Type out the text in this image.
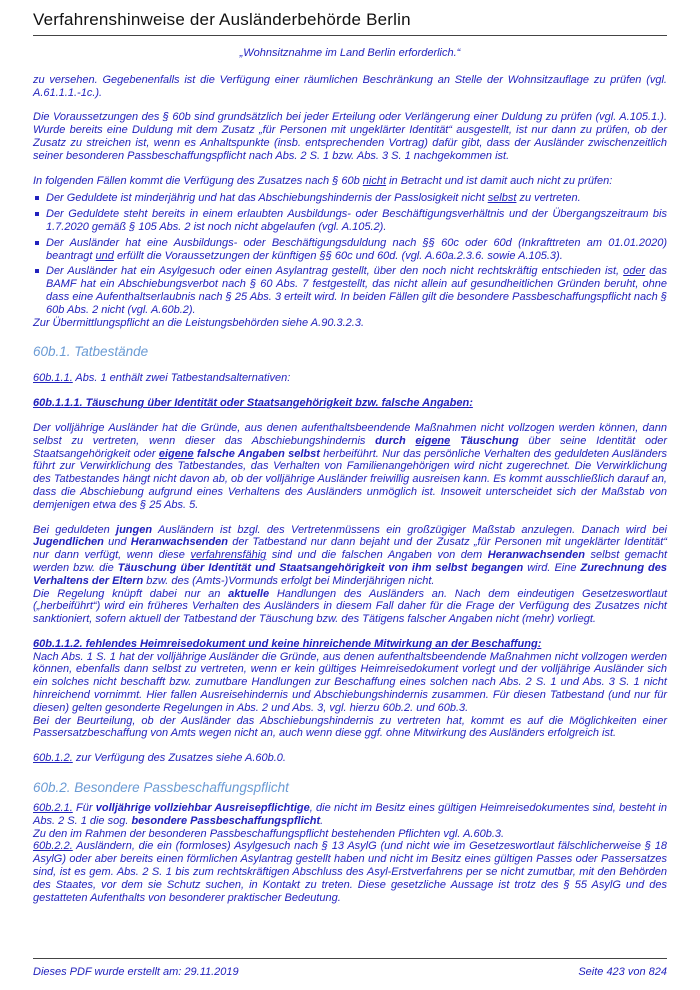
Verfahrenshinweise der Ausländerbehörde Berlin
„Wohnsitznahme im Land Berlin erforderlich.“
zu versehen. Gegebenenfalls ist die Verfügung einer räumlichen Beschränkung an Stelle der Wohnsitzauflage zu prüfen (vgl. A.61.1.1.-1c.).
Die Voraussetzungen des § 60b sind grundsätzlich bei jeder Erteilung oder Verlängerung einer Duldung zu prüfen (vgl. A.105.1.). Wurde bereits eine Duldung mit dem Zusatz „für Personen mit ungeklärter Identität“ ausgestellt, ist nur dann zu prüfen, ob der Zusatz zu streichen ist, wenn es Anhaltspunkte (insb. entsprechenden Vortrag) dafür gibt, dass der Ausländer zwischenzeitlich seiner besonderen Passbeschaffungspflicht nach Abs. 2 S. 1 bzw. Abs. 3 S. 1 nachgekommen ist.
In folgenden Fällen kommt die Verfügung des Zusatzes nach § 60b nicht in Betracht und ist damit auch nicht zu prüfen:
Der Geduldete ist minderjährig und hat das Abschiebungshindernis der Passlosigkeit nicht selbst zu vertreten.
Der Geduldete steht bereits in einem erlaubten Ausbildungs- oder Beschäftigungsverhältnis und der Übergangszeitraum bis 1.7.2020 gemäß § 105 Abs. 2 ist noch nicht abgelaufen (vgl. A.105.2).
Der Ausländer hat eine Ausbildungs- oder Beschäftigungsduldung nach §§ 60c oder 60d (Inkrafttreten am 01.01.2020) beantragt und erfüllt die Voraussetzungen der künftigen §§ 60c und 60d. (vgl. A.60a.2.3.6. sowie A.105.3).
Der Ausländer hat ein Asylgesuch oder einen Asylantrag gestellt, über den noch nicht rechtskräftig entschieden ist, oder das BAMF hat ein Abschiebungsverbot nach § 60 Abs. 7 festgestellt, das nicht allein auf gesundheitlichen Gründen beruht, ohne dass eine Aufenthaltserlaubnis nach § 25 Abs. 3 erteilt wird. In beiden Fällen gilt die besondere Passbeschaffungspflicht nach § 60b Abs. 2 nicht (vgl. A.60b.2).
Zur Übermittlungspflicht an die Leistungsbehörden siehe A.90.3.2.3.
60b.1. Tatbestände
60b.1.1. Abs. 1 enthält zwei Tatbestandsalternativen:
60b.1.1.1. Täuschung über Identität oder Staatsangehörigkeit bzw. falsche Angaben:
Der volljährige Ausländer hat die Gründe, aus denen aufenthaltsbeendende Maßnahmen nicht vollzogen werden können, dann selbst zu vertreten, wenn dieser das Abschiebungshindernis durch eigene Täuschung über seine Identität oder Staatsangehörigkeit oder eigene falsche Angaben selbst herbeiführt. Nur das persönliche Verhalten des geduldeten Ausländers führt zur Verwirklichung des Tatbestandes, das Verhalten von Familienangehörigen wird nicht zugerechnet. Die Verwirklichung des Tatbestandes hängt nicht davon ab, ob der volljährige Ausländer freiwillig ausreisen kann. Es kommt ausschließlich darauf an, dass die Abschiebung aufgrund eines Verhaltens des Ausländers unmöglich ist. Insoweit unterscheidet sich der Maßstab von demjenigen etwa des § 25 Abs. 5.
Bei geduldeten jungen Ausländern ist bzgl. des Vertretenmüssens ein großzügiger Maßstab anzulegen. Danach wird bei Jugendlichen und Heranwachsenden der Tatbestand nur dann bejaht und der Zusatz „für Personen mit ungeklärter Identität“ nur dann verfügt, wenn diese verfahrensfähig sind und die falschen Angaben von dem Heranwachsenden selbst gemacht werden bzw. die Täuschung über Identität und Staatsangehörigkeit von ihm selbst begangen wird. Eine Zurechnung des Verhaltens der Eltern bzw. des (Amts-)Vormunds erfolgt bei Minderjährigen nicht.
Die Regelung knüpft dabei nur an aktuelle Handlungen des Ausländers an. Nach dem eindeutigen Gesetzeswortlaut („herbeiführt“) wird ein früheres Verhalten des Ausländers in diesem Fall daher für die Frage der Verfügung des Zusatzes nicht sanktioniert, sofern aktuell der Tatbestand der Täuschung bzw. des Tätigens falscher Angaben nicht (mehr) vorliegt.
60b.1.1.2. fehlendes Heimreisedokument und keine hinreichende Mitwirkung an der Beschaffung:
Nach Abs. 1 S. 1 hat der volljährige Ausländer die Gründe, aus denen aufenthaltsbeendende Maßnahmen nicht vollzogen werden können, ebenfalls dann selbst zu vertreten, wenn er kein gültiges Heimreisedokument vorlegt und der volljährige Ausländer sich ein solches nicht beschafft bzw. zumutbare Handlungen zur Beschaffung eines solchen nach Abs. 2 S. 1 und Abs. 3 S. 1 nicht hinreichend vornimmt. Hier fallen Ausreisehindernis und Abschiebungshindernis zusammen. Für diesen Tatbestand (und nur für diesen) gelten gesonderte Regelungen in Abs. 2 und Abs. 3, vgl. hierzu 60b.2. und 60b.3.
Bei der Beurteilung, ob der Ausländer das Abschiebungshindernis zu vertreten hat, kommt es auf die Möglichkeiten einer Passersatzbeschaffung von Amts wegen nicht an, auch wenn diese ggf. ohne Mitwirkung des Ausländers erfolgreich ist.
60b.1.2. zur Verfügung des Zusatzes siehe A.60b.0.
60b.2. Besondere Passbeschaffungspflicht
60b.2.1. Für volljährige vollziehbar Ausreisepflichtige, die nicht im Besitz eines gültigen Heimreisedokumentes sind, besteht in Abs. 2 S. 1 die sog. besondere Passbeschaffungspflicht.
Zu den im Rahmen der besonderen Passbeschaffungspflicht bestehenden Pflichten vgl. A.60b.3.
60b.2.2. Ausländern, die ein (formloses) Asylgesuch nach § 13 AsylG (und nicht wie im Gesetzeswortlaut fälschlicherweise § 18 AsylG) oder aber bereits einen förmlichen Asylantrag gestellt haben und nicht im Besitz eines gültigen Passes oder Passersatzes sind, ist es gem. Abs. 2 S. 1 bis zum rechtskräftigen Abschluss des Asyl-Erstverfahrens per se nicht zumutbar, mit den Behörden des Staates, vor dem sie Schutz suchen, in Kontakt zu treten. Diese gesetzliche Aussage ist trotz des § 55 AsylG und des gestatteten Aufenthalts von besonderer praktischer Bedeutung.
Dieses PDF wurde erstellt am: 29.11.2019	Seite 423 von 824
